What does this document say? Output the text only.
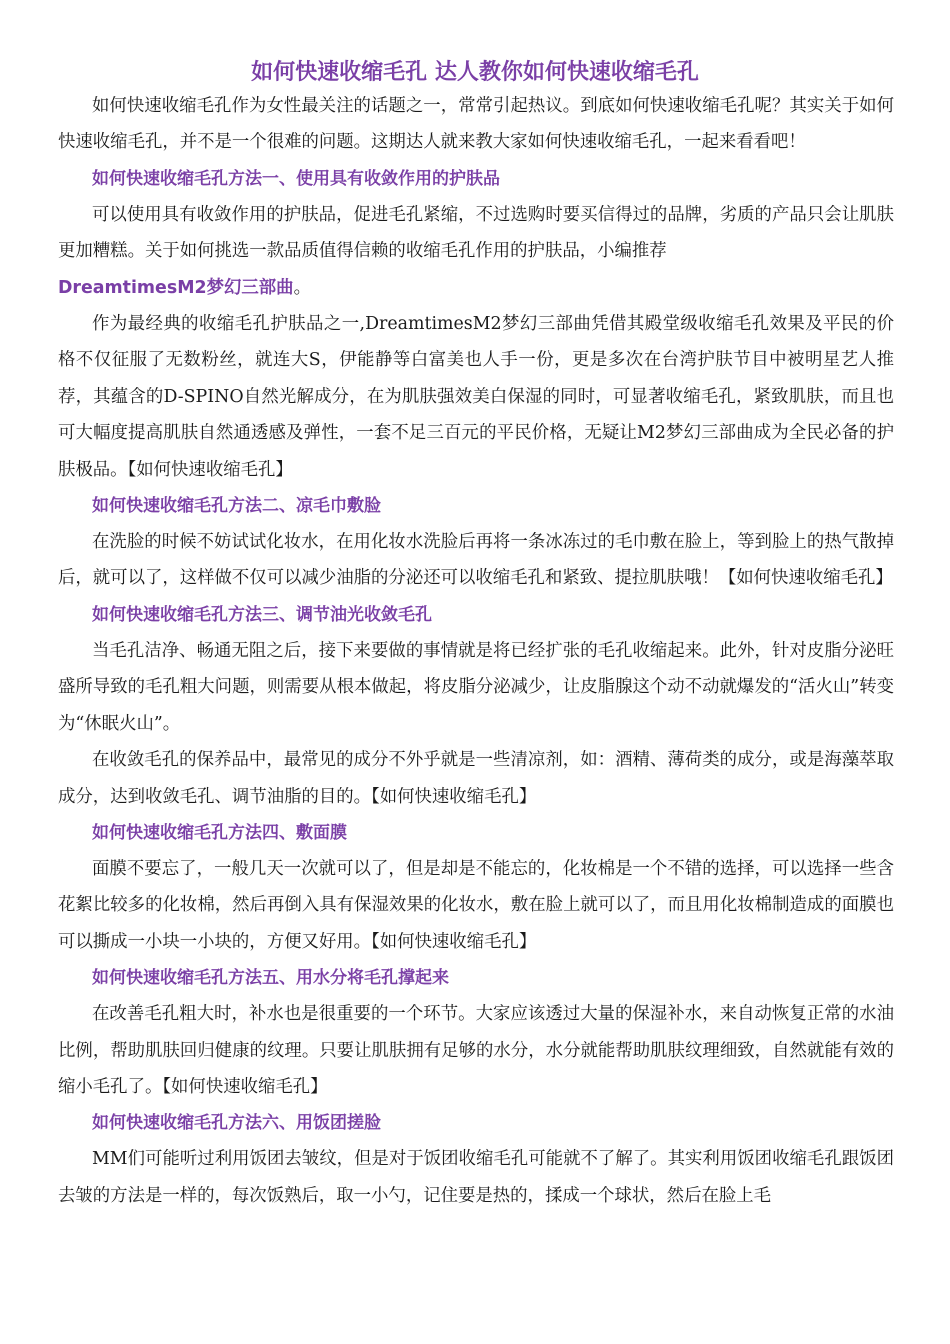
如何快速收缩毛孔 达人教你如何快速收缩毛孔

如何快速收缩毛孔作为女性最关注的话题之一，常常引起热议。到底如何快速收缩毛孔呢？其实关于如何快速收缩毛孔，并不是一个很难的问题。这期达人就来教大家如何快速收缩毛孔，一起来看看吧！

如何快速收缩毛孔方法一、使用具有收敛作用的护肤品

可以使用具有收敛作用的护肤品，促进毛孔紧缩，不过选购时要买信得过的品牌，劣质的产品只会让肌肤更加糟糕。关于如何挑选一款品质值得信赖的收缩毛孔作用的护肤品，小编推荐
DreamtimesM2梦幻三部曲。

作为最经典的收缩毛孔护肤品之一,DreamtimesM2梦幻三部曲凭借其殿堂级收缩毛孔效果及平民的价格不仅征服了无数粉丝，就连大S，伊能静等白富美也人手一份，更是多次在台湾护肤节目中被明星艺人推荐，其蕴含的D-SPINO自然光解成分，在为肌肤强效美白保湿的同时，可显著收缩毛孔，紧致肌肤，而且也可大幅度提高肌肤自然通透感及弹性，一套不足三百元的平民价格，无疑让M2梦幻三部曲成为全民必备的护肤极品。【如何快速收缩毛孔】

如何快速收缩毛孔方法二、凉毛巾敷脸

在洗脸的时候不妨试试化妆水，在用化妆水洗脸后再将一条冰冻过的毛巾敷在脸上，等到脸上的热气散掉后，就可以了，这样做不仅可以减少油脂的分泌还可以收缩毛孔和紧致、提拉肌肤哦！【如何快速收缩毛孔】

如何快速收缩毛孔方法三、调节油光收敛毛孔

当毛孔洁净、畅通无阻之后，接下来要做的事情就是将已经扩张的毛孔收缩起来。此外，针对皮脂分泌旺盛所导致的毛孔粗大问题，则需要从根本做起，将皮脂分泌减少，让皮脂腺这个动不动就爆发的“活火山”转变为“休眠火山”。

在收敛毛孔的保养品中，最常见的成分不外乎就是一些清凉剂，如：酒精、薄荷类的成分，或是海藻萃取成分，达到收敛毛孔、调节油脂的目的。【如何快速收缩毛孔】

如何快速收缩毛孔方法四、敷面膜

面膜不要忘了，一般几天一次就可以了，但是却是不能忘的，化妆棉是一个不错的选择，可以选择一些含花絮比较多的化妆棉，然后再倒入具有保湿效果的化妆水，敷在脸上就可以了，而且用化妆棉制造成的面膜也可以撕成一小块一小块的，方便又好用。【如何快速收缩毛孔】

如何快速收缩毛孔方法五、用水分将毛孔撑起来

在改善毛孔粗大时，补水也是很重要的一个环节。大家应该透过大量的保湿补水，来自动恢复正常的水油比例，帮助肌肤回归健康的纹理。只要让肌肤拥有足够的水分，水分就能帮助肌肤纹理细致，自然就能有效的缩小毛孔了。【如何快速收缩毛孔】

如何快速收缩毛孔方法六、用饭团搓脸

MM们可能听过利用饭团去皱纹，但是对于饭团收缩毛孔可能就不了解了。其实利用饭团收缩毛孔跟饭团去皱的方法是一样的，每次饭熟后，取一小勺，记住要是热的，揉成一个球状，然后在脸上毛
